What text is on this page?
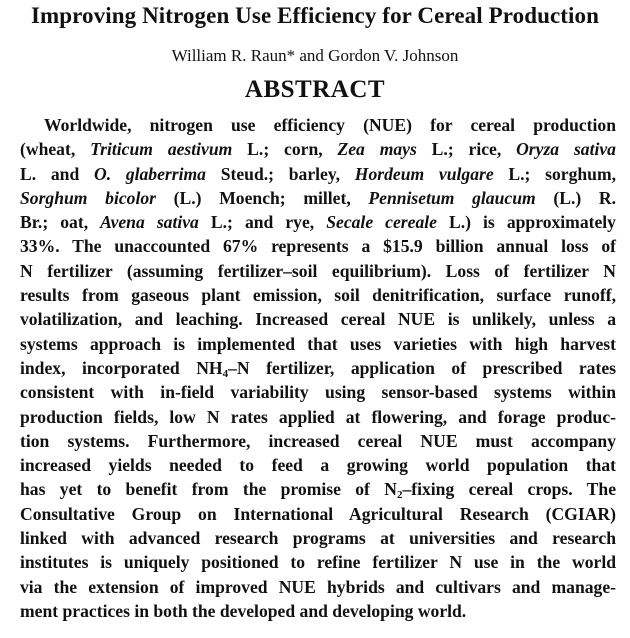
Improving Nitrogen Use Efficiency for Cereal Production
William R. Raun* and Gordon V. Johnson
ABSTRACT
Worldwide, nitrogen use efficiency (NUE) for cereal production
(wheat, Triticum aestivum L.; corn, Zea mays L.; rice, Oryza sativa
L. and O. glaberrima Steud.; barley, Hordeum vulgare L.; sorghum,
Sorghum bicolor (L.) Moench; millet, Pennisetum glaucum (L.) R.
Br.; oat, Avena sativa L.; and rye, Secale cereale L.) is approximately
33%. The unaccounted 67% represents a $15.9 billion annual loss of
N fertilizer (assuming fertilizer–soil equilibrium). Loss of fertilizer N
results from gaseous plant emission, soil denitrification, surface runoff,
volatilization, and leaching. Increased cereal NUE is unlikely, unless a
systems approach is implemented that uses varieties with high harvest
index, incorporated $NH_4-N$ fertilizer, application of prescribed rates
consistent with in-field variability using sensor-based systems within
production fields, low N rates applied at flowering, and forage produc-
tion systems. Furthermore, increased cereal NUE must accompany
increased yields needed to feed a growing world population that
has yet to benefit from the promise of $N_2$–fixing cereal crops. The
Consultative Group on International Agricultural Research (CGIAR)
linked with advanced research programs at universities and research
institutes is uniquely positioned to refine fertilizer N use in the world
via the extension of improved NUE hybrids and cultivars and manage-
ment practices in both the developed and developing world.
